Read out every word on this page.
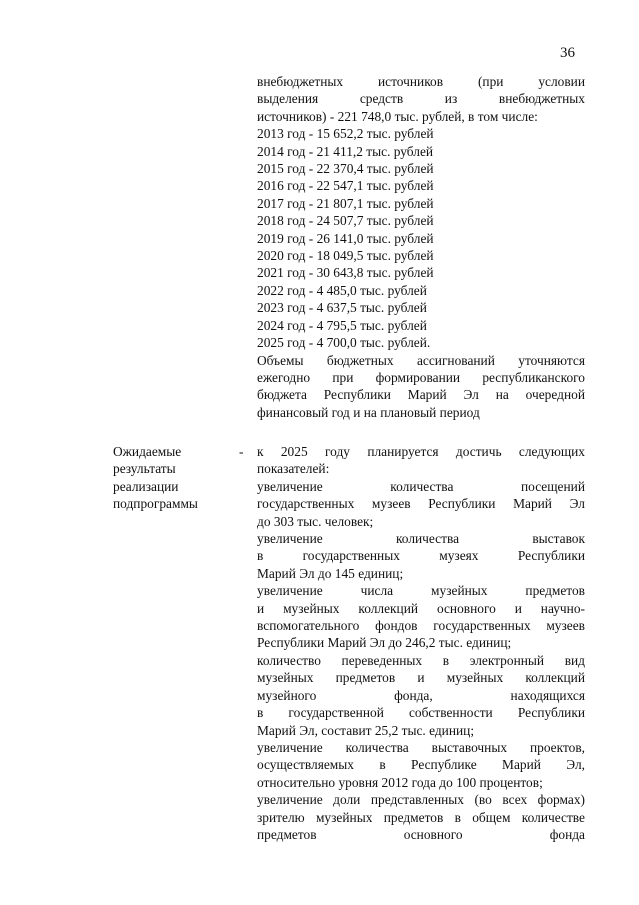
36

внебюджетных источников (при условии

выделения средств из внебюджетных

источников) - 221 748,0 тыс. рублей, в том числе:

2013 год - 15 652,2 тыс. рублей

2014 год - 21 411,2 тыс. рублей

2015 год - 22 370,4 тыс. рублей

2016 год - 22 547,1 тыс. рублей

2017 год - 21 807,1 тыс. рублей

2018 год - 24 507,7 тыс. рублей

2019 год - 26 141,0 тыс. рублей

2020 год - 18 049,5 тыс. рублей

2021 год - 30 643,8 тыс. рублей

2022 год - 4 485,0 тыс. рублей

2023 год - 4 637,5 тыс. рублей

2024 год - 4 795,5 тыс. рублей

2025 год - 4 700,0 тыс. рублей.

Объемы бюджетных ассигнований уточняются

ежегодно при формировании республиканского

бюджета Республики Марий Эл на очередной

финансовый год и на плановый период

Ожидаемые
результаты
реализации
подпрограммы
- к 2025 году планируется достичь следующих

показателей:

увеличение количества посещений

государственных музеев Республики Марий Эл

до 303 тыс. человек;

увеличение количества выставок

в государственных музеях Республики

Марий Эл до 145 единиц;

увеличение числа музейных предметов

и музейных коллекций основного и научно-

вспомогательного фондов государственных музеев

Республики Марий Эл до 246,2 тыс. единиц;

количество переведенных в электронный вид

музейных предметов и музейных коллекций

музейного фонда, находящихся

в государственной собственности Республики

Марий Эл, составит 25,2 тыс. единиц;

увеличение количества выставочных проектов,

осуществляемых в Республике Марий Эл,

относительно уровня 2012 года до 100 процентов;

увеличение доли представленных (во всех формах)

зрителю музейных предметов в общем количестве

предметов основного фонда
